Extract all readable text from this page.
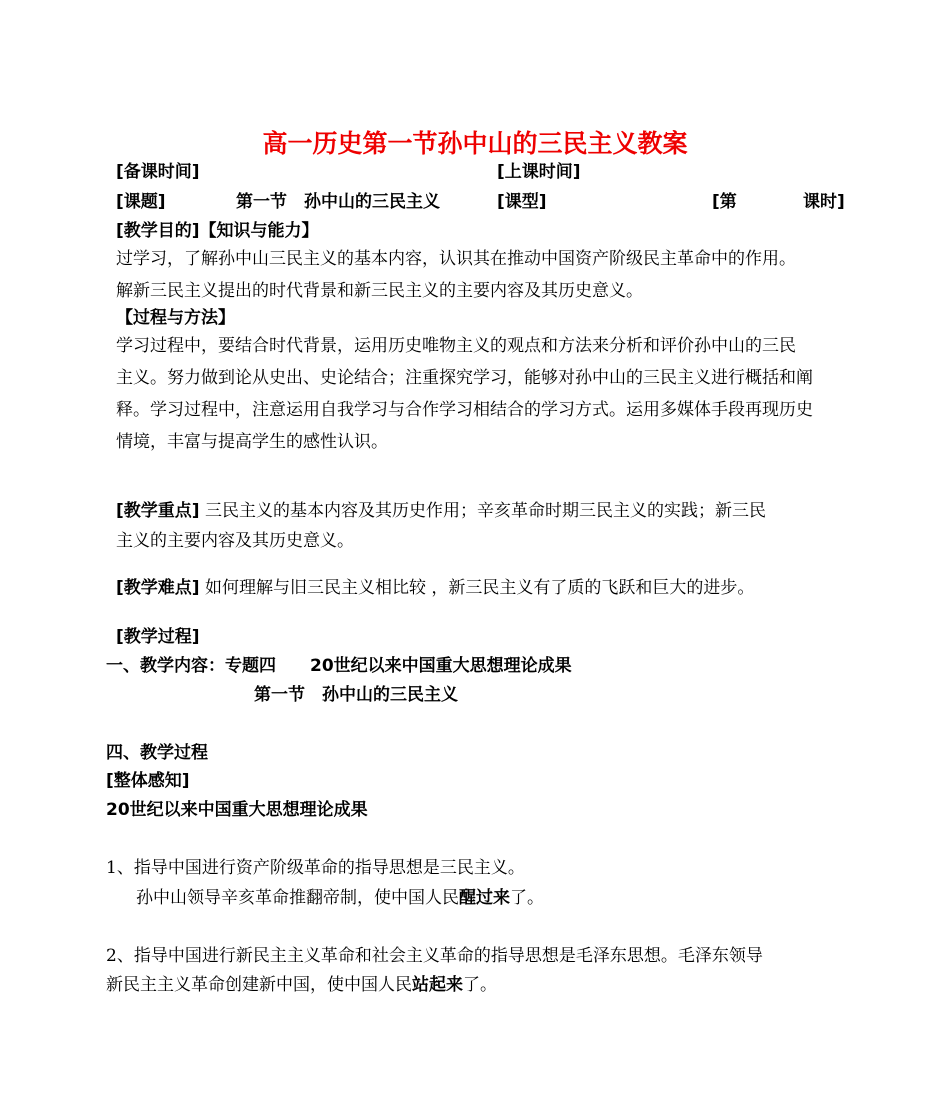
高一历史第一节孙中山的三民主义教案
[备课时间]	[上课时间]
[课题]	第一节　孙中山的三民主义	[课型]	[第	课时]
[教学目的]【知识与能力】
过学习，了解孙中山三民主义的基本内容，认识其在推动中国资产阶级民主革命中的作用。
解新三民主义提出的时代背景和新三民主义的主要内容及其历史意义。
【过程与方法】
学习过程中，要结合时代背景，运用历史唯物主义的观点和方法来分析和评价孙中山的三民
主义。努力做到论从史出、史论结合；注重探究学习，能够对孙中山的三民主义进行概括和阐
释。学习过程中，注意运用自我学习与合作学习相结合的学习方式。运用多媒体手段再现历史
情境，丰富与提高学生的感性认识。
[教学重点] 三民主义的基本内容及其历史作用；辛亥革命时期三民主义的实践；新三民
主义的主要内容及其历史意义。
[教学难点] 如何理解与旧三民主义相比较 ，新三民主义有了质的飞跃和巨大的进步。
[教学过程]
一、教学内容：专题四　　20世纪以来中国重大思想理论成果
第一节　孙中山的三民主义
四、教学过程
[整体感知]
20世纪以来中国重大思想理论成果
1、指导中国进行资产阶级革命的指导思想是三民主义。
孙中山领导辛亥革命推翻帝制，使中国人民醒过来了。
2、指导中国进行新民主主义革命和社会主义革命的指导思想是毛泽东思想。毛泽东领导
新民主主义革命创建新中国，使中国人民站起来了。
